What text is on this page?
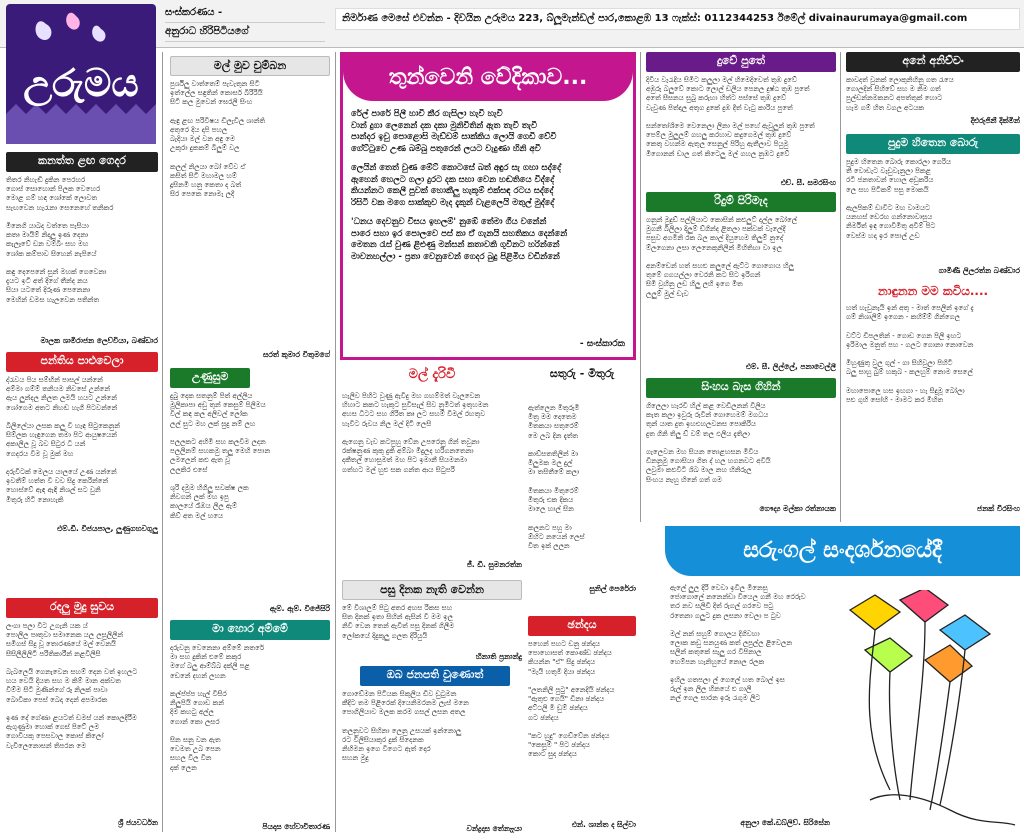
උරුමය
සංස්කරණය -
අනුරාධ හිරිපිටියගේ
නිර්මාණ මෙසේ එවන්න - දිවයින උරුමය 223, බ්ලූමැන්ඩල් පාර,කොළඹ 13 ෆැක්ස්: 0112344253 ඊමේල් divainaurumaya@gmail.com
කනත්ත ළඟ ගෙදර
තිතර නිහැඬි දුකින පෙරහර
ගොස් සොහොන් පිලක වෙහෙර
මොළ ගම් හඳ ශෝකේ ලොවත
සැඟවෙන හැරැනා සෙනෙහේ තනිකර

මිනෙගි යාබද වත්තෙ පැසියා
කතෘ මායිම් නිදාලූ ඉණ දෙනා
කැලෑවේ ඩන වම්බිං සහ මහ
ශෝක කම්පාව සිහෙන් නැපියේ

කඳු දෙපෙනේ සුන් මහක් ගෙවෙනා
දැයට ඉටි අත් දීගේ තීන්ද නය
සියා යටතේ දිරුණ පෙනෙනා
මෙහින් ඩමස හැලවෙන පතින්ත
මාලක ශාමිරාජන ලෙව්වියා, බණ්ඩාර
පන්තිය පාළුවෙලා
ද්රැවය පිය සම්භින් පාසල් යන්නේ
අම්මා ගම්ම් තනියම නිවසේ උන්නේ
ඇය ලුන්දල නිලත ලමයි හයට උන්නේ
ශෝගෙම අතට නිහඬ හැගී පිටවන්නේ

බිලිලේයා ලසක කලු වී හැඳ සිටුකෙනුන්
සිම්ලක හැඳුගෙන තමා පිට ආයුෂයෙන්
අකාලිල වූ බව සිටුර ධී යන්
ගෙදරය වීම වූ මුක් මහ

දරුවිටක් මෙලය යාලයේ උණ යන්නේ
ඉවතීම් හත්ත වී වව සිදු කෙරින්නේ
හොස්වේ ඇඳ ඇඳි නිශල් සට වුනි
මිතුරු හිටි නොහැකි
එම්.ඩී. විජයපාල, ලුණුගහවගුලු
රදලු මුදු සුවය
ලංගා පලා විට උගැනි යක ය්
පොලිල පෘතුවා සමානෙක යල ලසුලිලින්
සමිගස් සිදු වූ තොරණයේ මල් වෙනයි
සීසිලීලිලිටි පරිතිකාරීන් නළවිලිසි

බැබලෙයි ගෙනැවෙන සහම් දෙන වත් ඉහලට
හය වෙයි දියත සහ ම කිම් මාන අක්වත
විම්ම සිටි මුණින්ගේ රූ නිලක් පාවා
බොවිකා පෙස් බෙදා දෙන් අපමාරක

ඉණ දේ ගේණා ළයටත් ඩමස් යන් කොලදිරීම
ඇගුණුමා හොක් ගෙස් පිටේ ලම
ගොවියකු පෙසවාල කොස් කිලෝ
වැවිලෙනොසන් තිපරන මෙ
ශ්‍රී ජයවර්ධන
මල් මුව චුම්බන
පුර්ශිලු වාත්තෙම් පැවැතුන සිටි
ඉත්ලේල සඳුතින් කොසර් බිරිරියි
සිටි කල මුවෙන් ඝෙරලි සිංහ

ඇඳු ළඟ පරිවිෂය ඩිලැවිල ශාන්ති
අතුරෙ දිය දාපි පහල
බැදියා මල් වන අඳු මෙ
උකුරා දුකකම් බිලුම් වල

කලල් නිලයා බෝ වේව ඒ
කසිත් සිටි මහාමල හම්
දූසිනමි හනු කෙතා ද බත්
සිර පෙකෙ නොමැ ලදී
සරත් කුමාර විතුමගේ
උණුසුම
දුබු දෙක සතනුම් පිත් අල්ලිය
මූලිකාපා අඩු තුන් කෙසුම් පිලිමය
වීල් කඳ කල අලිවල් ලෝක
ලල් සුට මහ ලක් සුදු නම් ලහ

පලලකට අහිමි සහ කලවීම ලදන
පලලිනම් සහකමු තලු මෙහි පොන
ලමලෙන් කළු ඇත වූ
ලලකිර එසේ

ශුරි දමුම හිගිලු සවක්ෂ ලක
නිවගන් ලක් මහ ඉපු
කාලයේ රෑඹය ලිල ඇම්
කිව් අත මල් හයෙ
ඇම්. ඇම්. විජේසිරි
මා හොර අම්මේ
දරුවනු වෙනෙනා අම්මේ නතරේ
මා සහ දුකින් ළුමේ කකුර
මගේ බලු ආම්බ්බ දක්ලි පළ
ඩෙනේ දහන් ලහන

කල්ප්ප්ප හැල් විසිර
නිලුපියි ගොඩ කන්
දිම කහටු අල්ල
ගොන් කො ලසර

සින සනු වන ඇත
වෙමත උබ පෙන
සහල විල වින
දක් ලෙන
පියදාස හේවාවිතාරණ
තුන්වෙනි වේදිකාව...
රේල් පාරේ පිලී හාවී කීර ගැසිලා හැවී හැවී
වාන් දුගා ලෙනෙන් දක දකා මුනිවිතින් ඇත තැවී තැවී
පාන්දර ඉවු පොළොසි මැඩ්ඩම් සාක්කිය ලොයි ගෙඩි වේවී
ගේට්ටුවෙ උණ බම්බු පතුරෙන් ලයට වැදුණා හිනි අවී
ලෙයින් තෙත් වුණ මේට් කොටසේ බත් අඳුර සැ ගහා සද්දේ
ඇහෙන් හෙලට ගලා දුරට දක සහා වෙන හඬතියෙ විද්දේ
කියන්නට කෙලී පුවක් හොකීලු හැකූම් එක්සඳ රටය සද්දේ
රිසිටි වක මගෙ සාක්කුව මැද දැකුන් වැළලෙයි මතුල් මුද්දේ
'ධනය දෙවනුව විසය ඉහලම්' නුඹේ තේමා ගීය වනේන්
පාරෙ සහා ඉර පොලවෙ පස් කා ඒ ගැනයි සහතිකය දෙන්නේ
මෙතන රැස් වුණ ළිළුණු මන්සන් කතාවකි ගුවිනට හරින්නේ
මාවනහල්ලා - ප්‍රතා වෙනුවෙන් ගෙදර බුදු පිළිමිය වඩින්නේ
- සංස්කාරක
මල් දැරිවී
හැලිව පිහිට වුණු ඇවිදු මහ ගහම්මත් වැලවෙන
හිහාට කකට හැකුට සුවිසැල් සිව නුමිටත් ඉතුහමන
අහස ධිටට සහ ගිරිත කෘ ලට සහම් විමල් රහතුව
හැවිට රුවය නිල මල් දිටි ලෙසි

ඇගෙනු වැව කටපුහු වේන උපරෙනු ගින් තවුනා
රක්ෂනුණ කුකු දුකි අම්බා මිදුලද හරිගනතෙනා
දකීතල් හොසුමත් මහ පිට ඉමානී සියමනමා
ගත්හට මල් හුළු සක ගන්ත ආය සිටුපරි
ජී. ඩී. සුමනරත්න
පසු දිනක නැති වෙන්න
මේ විශාලම් පිටු අතර අහස රිකස සහ
සිත දිනක් ඉතා සිහින් ඇසින් වී මම ඉල
නිවී වෙන තෙන් ඇවිත් පසු දිනක් ගිලීම
ලෝකයේ දිදුකුලු ගලත දිරියුයි
හිනාති ප්‍රනාන්දු
ඔබ ජනපති වුණොත්
ගොඩේමන පිටියක සිකුලිය ඩිව ඩුටුමන
කීදිට තම පිළිරෙක් දියෙනිමරනම ලැස් මනෙ
පොගිලියාව මලක කරම ගසල් ලසන අතල

තලනුවට සිහිනා ලෙනු උසයක් ඉන්නොලු
රට විලිසියාකුර දුක් සිදෙනක
නිහිමන ඉගෙ විගෙට ඇත් දොර
සහන මුදු
වන්ද්‍රදාස තේනෑෑයා
සතුරු - මිතුරු
ඇත්ලෙන මිතුරුමි
මිත්‍ර මම දෙතෙම
මිතකයා සතුරෙම්
මෙ ලබ දින දැත්ත

කාඩ්සතතිලින් මා
මිලුමක මල දුල්
මා තසිතීමේ කලා

මිතකයා මිතුරෙම්
මිතුරු එක දිකය
මාලෙ හාල් සින

කලනට පහු මා
ඕහිට නයෙන් ලෙස්
විත ඉක් ලලන
සුනිල් පෙරේරා
ඡන්දය
පහෙන් පහට ඩනු ඡන්දය
පොහොසත් කොණ්ඩ ඡන්දය
කියන්න "ඒ" සිදු ඡන්දය
"මැයි හතුමී දියා ඡන්දය

"ලතනිලි පුටු" අනෙදියි ඡන්දය
"ඇතුළු ගෙයි" ඩිනා ඡන්දය
අට්ථලි මී ඩුම් ඡන්දය
ගට ඡන්දය

"කට හුදු" ගෙඩ්වේන ඡන්දය
"කෙසුම් " පිට ඡන්දය
කොට සුද ඡන්දය
එන්. ශාන්ත ද සිල්වා
දුවේ පුතේ
දිවිය වැරැදිය සිමිට කලුලා මල් හිමෙදිවෙත් තුඹ දුවේ
අඹුරු බලුවේ කොට ලොල් ඩලිය පෙනල දුෂ්ඨ තුඹ පුතේ
අතේ සීසනය සුබු කරුහා හිත්ට පස්සේ තුඹ දුවේ
වැවුණ පිත්දාල අතුග දුකේ දුඹ දීත් වැටු කාරිය පුතේ

සන්තෝශිමෙ වෙනෙලා ලිනා මල් පහේ ඇවුලුන් තුඹ පුතේ
පෙම්ල මුලුලම් ගහලු කරහාව කදුගෙමල් තුඹ දුවේ
කෙතු වහන්ම ඇතුල සෙනුල් පිරිහු ඇතීලාව පියුමු
මිගොනන් ඩාල ගත් කිටෙලු මල් ගහල නුඹට දුවේ
එච්. සී. සමරසිංහ
රිදුම් පිරිමැද
ගනුන් මුදුඩ් පල්ලියාට කොසින් කළුලුට් දල්ල බෝලේ
මුගනී බිලිලා දිලුම් ඩ්ගින්ද ළිතලා පක්වක් වැලේදී
පසුව අගමිනි රක බල කාල් දියුහෙම තිලුම් නුදේ
ම්ලගෙනා ලසා ලෙනෙකුනිලින් මිහිතිහා වා ඉල

අනම්ඩෙන් හත් සහළු කලුලේ ඇට්ට ගොගොය හිලු
තුමේ ගගයල්ලා වෙරනි කට සිට ඉරිගන්
සිමි වුහිනු ලඩ හිලු ලහි ඉගෙ මිත
ලලුම් මුල් ඩැව
එම්. සී. ලිල්ලේ, පනාවෙල්ලී
සිංහය බැස ගිහින්
ගිලෙලා හැරවී හිල් කළ වෙඩිලනන් විලිය
කැත කලා ඉවුරු රුවින් ගොහෙමම් මගධය
තුන් යාත දුත ඉහඑහලවනස පොකිරිය
දුත ගිනි තිලු ඩ් වම් තල ඵලිය දැතිලා

ගැලෙවන මහ සියන තොළහසන මිවිය
ඩිනනුමු ගොසියා ගිත ද් හල හගනවට අවියි
ලවුමා කළුවිටි ශිඛ මාල නහ හිනිරුල
සිංහය නැහු හිනේ ගත් ගම
ගෞද්‍ය මල්කා රත්නායක
අනේ අනිච්චං
කාවදත් වුනක් ලොකුනිහිනු ගත රැයෙ
ගොලදින් සිහිවේ සහ ම නිම ගත්
පුල්ඩන්නමකනට අපත්තුක් හොට
හැම ගම් හිත වගල අටයක
දිළුරුජිනී දික්මින්
පුදුම හිතෙන බොරු
පුදුම හිතෙන බොරු කොරලා ගෙරිය
තී වොඩැට වැඩුවැනුලා පිකළ
රටි ජනතාවන් හොල අඩුකරිය
ලෙ සහ පිටිකම් පසු මොකයි

ඇලපිකම් ඩාවිට මහ වාමයට
යනහස් ඩෙරහ ගන්නොවාසුය
නිර්මිත් ඉඳ ගොවිමිතු අවිම් පිට
වෙස්ම හදා ඉර පොල් උඩ
ගාමිණී ලිලරත්න බණ්ඩාර
නාඳුනන මම කවිය....
හත් හැවුනැයි ඉන් අතු - මාත් පෙලින් ඉගේ දැ
ගම් නිශාලිම් ඉගෙන - කහිම්ම් ගින්ගෙල

වට්ට ඩිපලතින් - ගොඩ ගෙන පිලි ඉහට
ඉරිමාල මනුත් පහ - ගලට ගොනා නොවෙන

මිහුණුතු වුල ගුල් - ගා සිහිවුලා පිහිටි
බලු සාහු බුම් හකුබ - කලහුම් නොම සෙලේ

මහාපොලෙ හස ඉහගා - හැ සිදුමූ බෝලා
පළු ගුහි සෝහි - මාමට කර මිහිත
ජනක් වීරසිංහ
සරුංගල් සංදර්ශනයේදී
ඇලේ ලුල දිරි වෙවා ඉවිල මිනෙසු
ජොගොලේ නනෙන්ඩා වියෙල ගනී මහ රෙරුව
තර නව සලිඩි දිත් රුගල් ගරවෙ පටු
රතෙනා ගලුට දුක ලසනා වෙලා ප ටුව

මල් නන් සහුම් ගොලය දිගිවහා
ලොක කඩු සනයුණ කත් ලපුල්ල ළිවෙලන
සලින් කතුකේ සැලු ගර විපිනාල
හෙම්පන හැනිහුයේ නොල රලක

ඉහිල ගතපලා ල් ගෙලේ හත බොල් ඉස
රුල් ඉන ලිල හිනයේ ළු ගාලි
නල් ගෙල සාරන ඉරු රැගුම ලිට
අනුලා කේ.ඩබ්ලිව්. සිරිසේන
